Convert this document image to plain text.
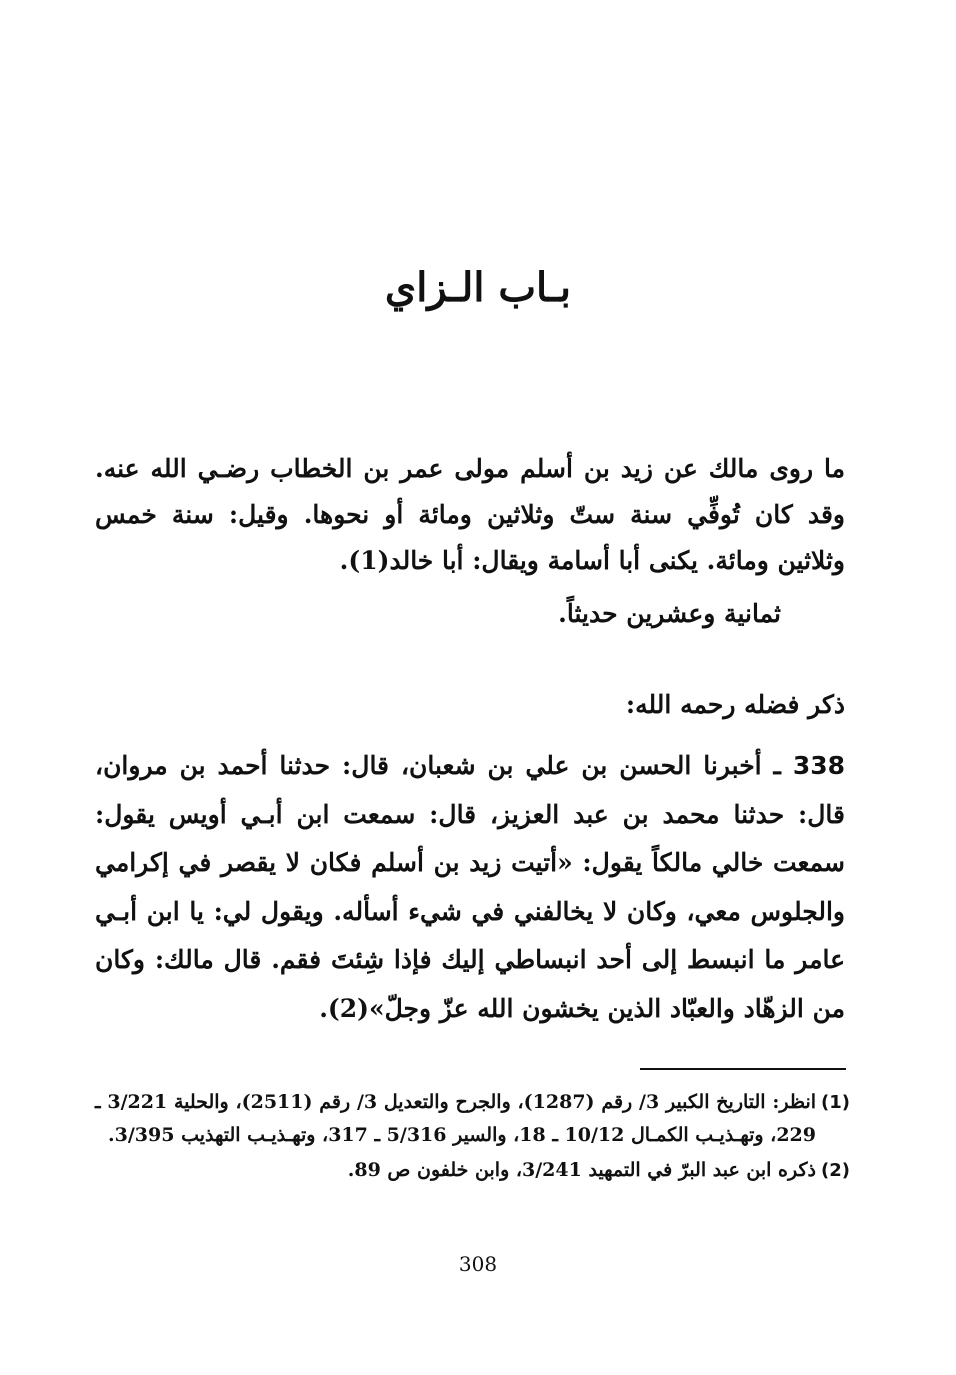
بـاب الـزاي

ما روى مالك عن زيد بن أسلم مولى عمر بن الخطاب رضـي الله عنه. وقد كان تُوفِّي سنة ستّ وثلاثين ومائة أو نحوها. وقيل: سنة خمس وثلاثين ومائة. يكنى أبا أسامة ويقال: أبا خالد(1).

ثمانية وعشرين حديثاً.
ذكر فضله رحمه الله:

338 ـ أخبرنا الحسن بن علي بن شعبان، قال: حدثنا أحمد بن مروان، قال: حدثنا محمد بن عبد العزيز، قال: سمعت ابن أبـي أويس يقول: سمعت خالي مالكاً يقول: «أتيت زيد بن أسلم فكان لا يقصر في إكرامي والجلوس معي، وكان لا يخالفني في شيء أسأله. ويقول لي: يا ابن أبـي عامر ما انبسط إلى أحد انبساطي إليك فإذا شِئتَ فقم. قال مالك: وكان من الزهّاد والعبّاد الذين يخشون الله عزّ وجلّ»(2).

(1)
انظر: التاريخ الكبير 3/ رقم (1287)، والجرح والتعديل 3/ رقم (2511)، والحلية 3/221 ـ 229، وتهـذيـب الكمـال 10/12 ـ 18، والسير 5/316 ـ 317، وتهـذيـب التهذيب 3/395.
(2)
ذكره ابن عبد البرّ في التمهيد 3/241، وابن خلفون ص 89.
308
